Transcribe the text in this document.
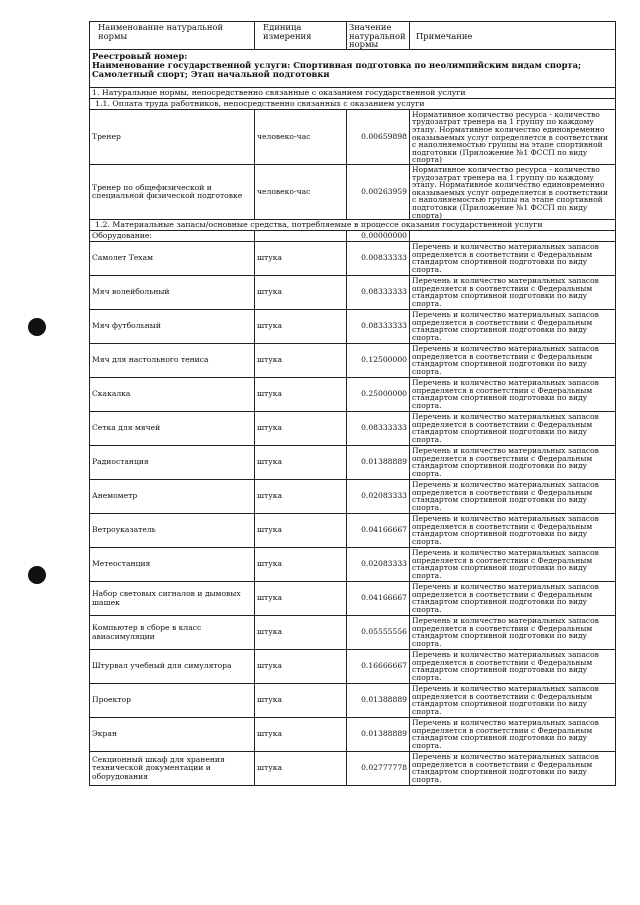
Наименование натуральной нормы	Единица измерения	Значение натуральной нормы	Примечание

Реестровый номер:
Наименование государственной услуги: Спортивная подготовка по неолимпийским видам спорта; Самолетный спорт; Этап начальной подготовки			

1. Натуральные нормы, непосредственно связанные с оказанием государственной услуги			
1.1. Оплата труда работников, непосредственно связанных с оказанием услуги			
Тренер	человеко-час	0.00659898	Нормативное количество ресурса - количество трудозатрат тренера на 1 группу по каждому этапу. Нормативное количество единовременно оказываемых услуг определяется в соответствии с наполняемостью группы на этапе спортивной подготовки (Приложение №1 ФССП по виду спорта)
Тренер по общефизической и специальной физической подготовке	человеко-час	0.00263959	Нормативное количество ресурса - количество трудозатрат тренера на 1 группу по каждому этапу. Нормативное количество единовременно оказываемых услуг определяется в соответствии с наполняемостью группы на этапе спортивной подготовки (Приложение №1 ФССП по виду спорта)
1.2. Материальные запасы/основные средства, потребляемые в процессе оказания государственной услуги			
Оборудование:		0.00000000	
Самолет Техам	штука	0.00833333	Перечень и количество материальных запасов определяется в соответствии с Федеральным стандартом спортивной подготовки по виду спорта.
Мяч волейбольный	штука	0.08333333	Перечень и количество материальных запасов определяется в соответствии с Федеральным стандартом спортивной подготовки по виду спорта.
Мяч футбольный	штука	0.08333333	Перечень и количество материальных запасов определяется в соответствии с Федеральным стандартом спортивной подготовки по виду спорта.
Мяч для настольного тениса	штука	0.12500000	Перечень и количество материальных запасов определяется в соответствии с Федеральным стандартом спортивной подготовки по виду спорта.
Скакалка	штука	0.25000000	Перечень и количество материальных запасов определяется в соответствии с Федеральным стандартом спортивной подготовки по виду спорта.
Сетка для мячей	штука	0.08333333	Перечень и количество материальных запасов определяется в соответствии с Федеральным стандартом спортивной подготовки по виду спорта.
Радиостанция	штука	0.01388889	Перечень и количество материальных запасов определяется в соответствии с Федеральным стандартом спортивной подготовки по виду спорта.
Анемометр	штука	0.02083333	Перечень и количество материальных запасов определяется в соответствии с Федеральным стандартом спортивной подготовки по виду спорта.
Ветроуказатель	штука	0.04166667	Перечень и количество материальных запасов определяется в соответствии с Федеральным стандартом спортивной подготовки по виду спорта.
Метеостанция	штука	0.02083333	Перечень и количество материальных запасов определяется в соответствии с Федеральным стандартом спортивной подготовки по виду спорта.
Набор световых сигналов и дымовых шашек	штука	0.04166667	Перечень и количество материальных запасов определяется в соответствии с Федеральным стандартом спортивной подготовки по виду спорта.
Компьютер в сборе в класс авиасимуляции	штука	0.05555556	Перечень и количество материальных запасов определяется в соответствии с Федеральным стандартом спортивной подготовки по виду спорта.
Штурвал учебный для симулятора	штука	0.16666667	Перечень и количество материальных запасов определяется в соответствии с Федеральным стандартом спортивной подготовки по виду спорта.
Проектор	штука	0.01388889	Перечень и количество материальных запасов определяется в соответствии с Федеральным стандартом спортивной подготовки по виду спорта.
Экран	штука	0.01388889	Перечень и количество материальных запасов определяется в соответствии с Федеральным стандартом спортивной подготовки по виду спорта.
Секционный шкаф для хранения технической документации и оборудования	штука	0.02777778	Перечень и количество материальных запасов определяется в соответствии с Федеральным стандартом спортивной подготовки по виду спорта.
